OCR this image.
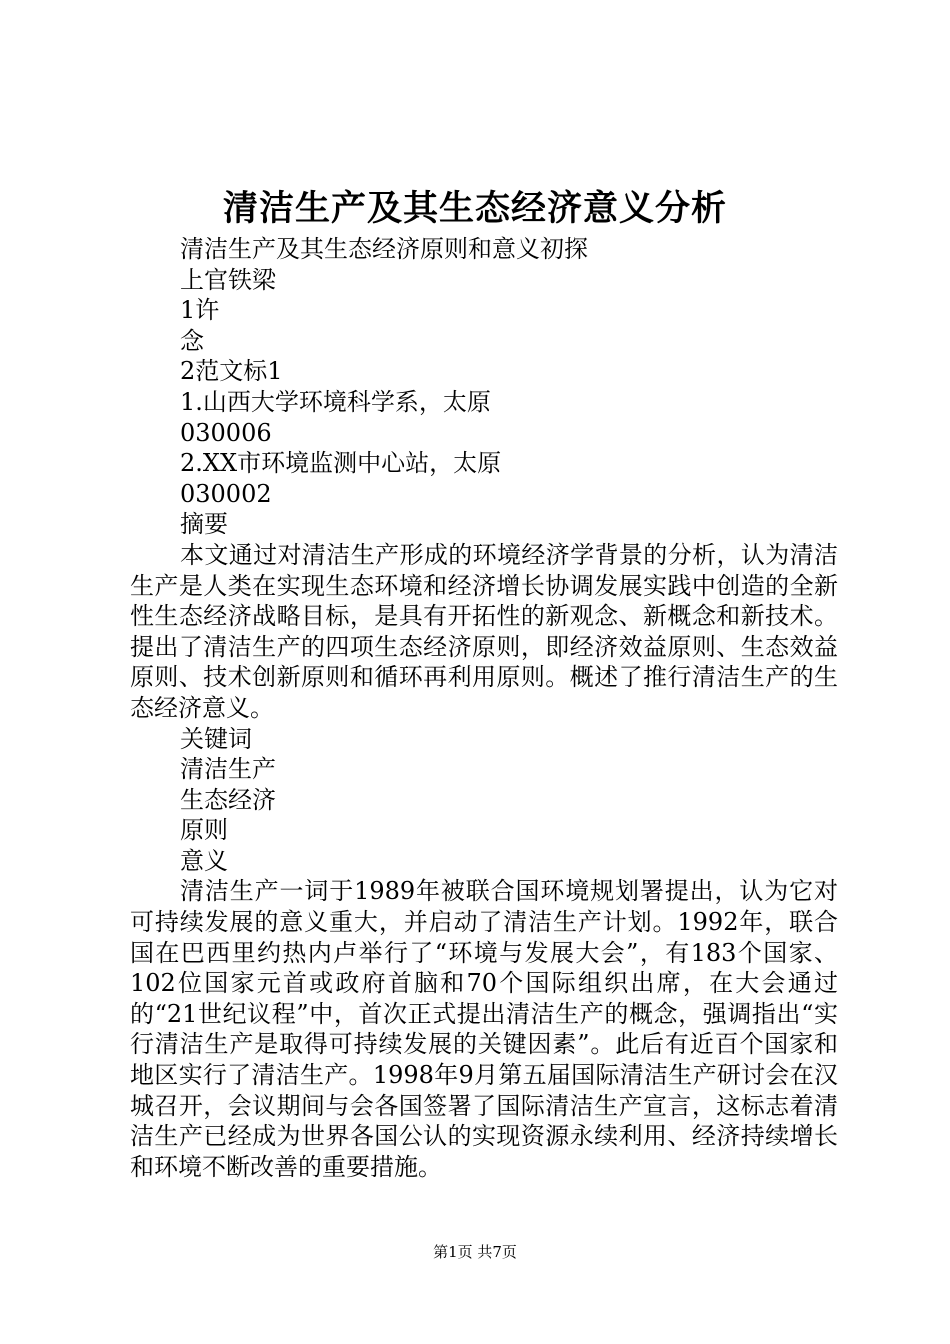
清洁生产及其生态经济意义分析

清洁生产及其生态经济原则和意义初探

上官铁梁

1许

念

2范文标1

1.山西大学环境科学系，太原

030006

2.XX市环境监测中心站，太原

030002

摘要

本文通过对清洁生产形成的环境经济学背景的分析，认为清洁生产是人类在实现生态环境和经济增长协调发展实践中创造的全新性生态经济战略目标，是具有开拓性的新观念、新概念和新技术。提出了清洁生产的四项生态经济原则，即经济效益原则、生态效益原则、技术创新原则和循环再利用原则。概述了推行清洁生产的生态经济意义。

关键词

清洁生产

生态经济

原则

意义

清洁生产一词于1989年被联合国环境规划署提出，认为它对可持续发展的意义重大，并启动了清洁生产计划。1992年，联合国在巴西里约热内卢举行了“环境与发展大会”，有183个国家、102位国家元首或政府首脑和70个国际组织出席，在大会通过的“21世纪议程”中，首次正式提出清洁生产的概念，强调指出“实行清洁生产是取得可持续发展的关键因素”。此后有近百个国家和地区实行了清洁生产。1998年9月第五届国际清洁生产研讨会在汉城召开，会议期间与会各国签署了国际清洁生产宣言，这标志着清洁生产已经成为世界各国公认的实现资源永续利用、经济持续增长和环境不断改善的重要措施。

第1页 共7页
